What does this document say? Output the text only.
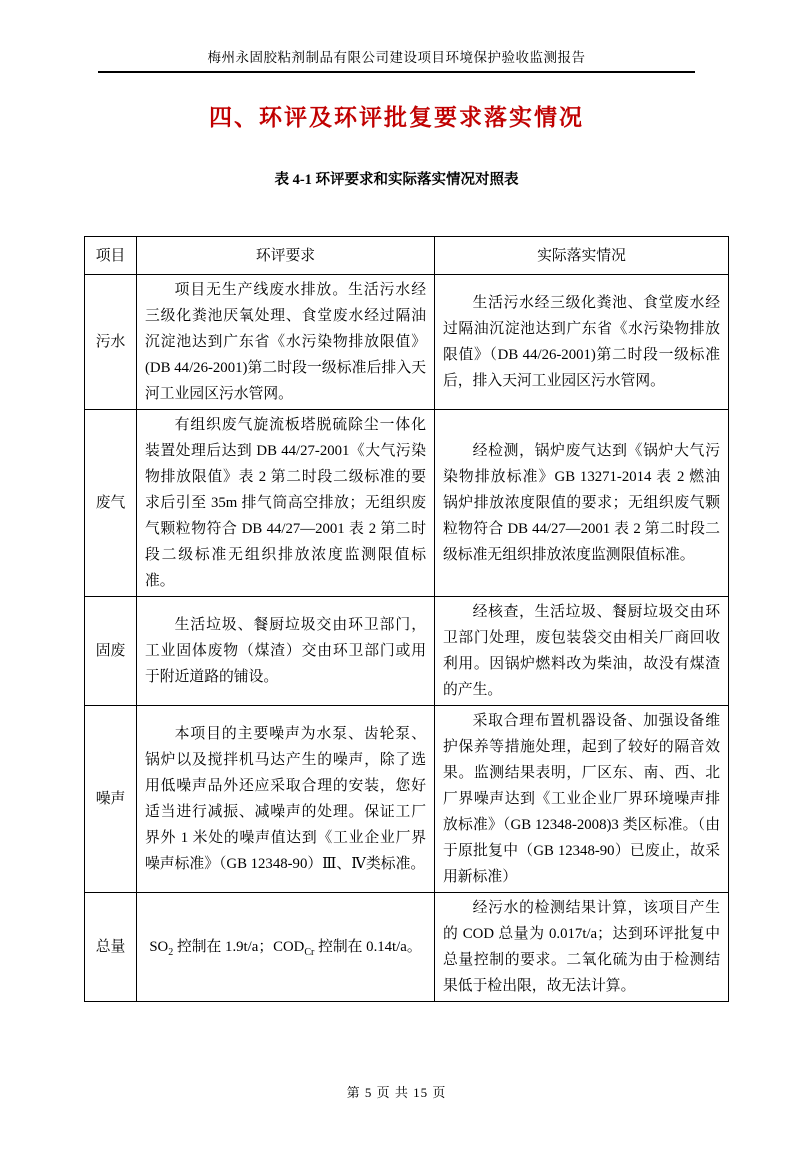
梅州永固胶粘剂制品有限公司建设项目环境保护验收监测报告
四、环评及环评批复要求落实情况
表 4-1 环评要求和实际落实情况对照表
项目	环评要求	实际落实情况
污水	项目无生产线废水排放。生活污水经三级化粪池厌氧处理、食堂废水经过隔油沉淀池达到广东省《水污染物排放限值》(DB 44/26-2001)第二时段一级标准后排入天河工业园区污水管网。	生活污水经三级化粪池、食堂废水经过隔油沉淀池达到广东省《水污染物排放限值》（DB 44/26-2001)第二时段一级标准后，排入天河工业园区污水管网。

废气	有组织废气旋流板塔脱硫除尘一体化装置处理后达到 DB 44/27-2001《大气污染物排放限值》表 2 第二时段二级标准的要求后引至 35m 排气筒高空排放；无组织废气颗粒物符合 DB 44/27—2001 表 2 第二时段二级标准无组织排放浓度监测限值标准。	经检测，锅炉废气达到《锅炉大气污染物排放标准》GB 13271-2014 表 2 燃油锅炉排放浓度限值的要求；无组织废气颗粒物符合 DB 44/27—2001 表 2 第二时段二级标准无组织排放浓度监测限值标准。

固废	生活垃圾、餐厨垃圾交由环卫部门，工业固体废物（煤渣）交由环卫部门或用于附近道路的铺设。	经核查，生活垃圾、餐厨垃圾交由环卫部门处理，废包装袋交由相关厂商回收利用。因锅炉燃料改为柴油，故没有煤渣的产生。

噪声	本项目的主要噪声为水泵、齿轮泵、锅炉以及搅拌机马达产生的噪声，除了选用低噪声品外还应采取合理的安装，您好适当进行减振、减噪声的处理。保证工厂界外 1 米处的噪声值达到《工业企业厂界噪声标准》（GB 12348-90）Ⅲ、Ⅳ类标准。	采取合理布置机器设备、加强设备维护保养等措施处理，起到了较好的隔音效果。监测结果表明，厂区东、南、西、北厂界噪声达到《工业企业厂界环境噪声排放标准》（GB 12348-2008)3 类区标准。（由于原批复中（GB 12348-90）已废止，故采用新标准）

总量	$SO_2$ 控制在 1.9t/a；$COD_{Cr}$ 控制在 0.14t/a。	经污水的检测结果计算，该项目产生的 COD 总量为 0.017t/a；达到环评批复中总量控制的要求。二氧化硫为由于检测结果低于检出限，故无法计算。
第 5 页 共 15 页
